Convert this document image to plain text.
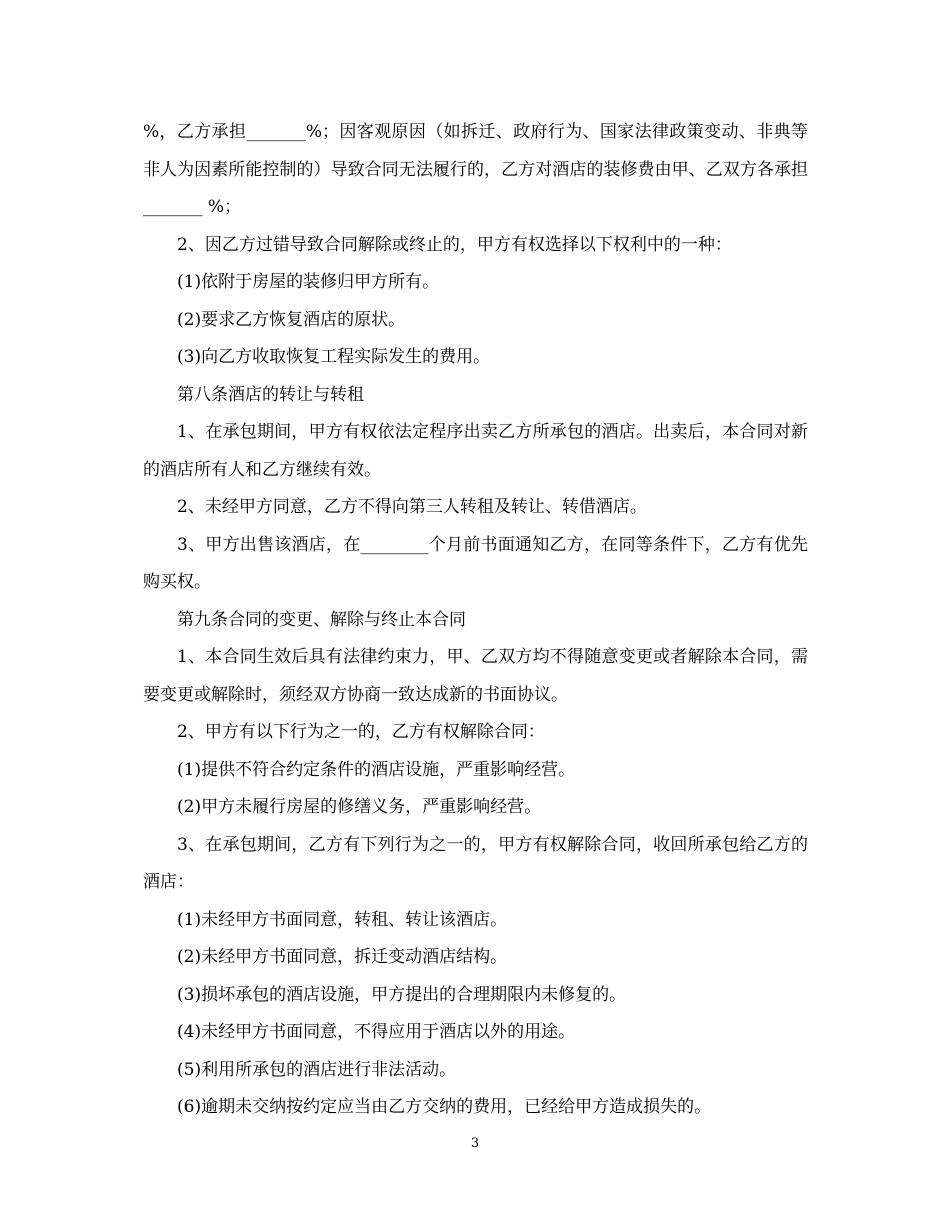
%，乙方承担_______%；因客观原因（如拆迁、政府行为、国家法律政策变动、非典等非人为因素所能控制的）导致合同无法履行的，乙方对酒店的装修费由甲、乙双方各承担_______ %；

2、因乙方过错导致合同解除或终止的，甲方有权选择以下权利中的一种：

(1)依附于房屋的装修归甲方所有。

(2)要求乙方恢复酒店的原状。

(3)向乙方收取恢复工程实际发生的费用。

第八条酒店的转让与转租

1、在承包期间，甲方有权依法定程序出卖乙方所承包的酒店。出卖后，本合同对新的酒店所有人和乙方继续有效。

2、未经甲方同意，乙方不得向第三人转租及转让、转借酒店。

3、甲方出售该酒店，在________个月前书面通知乙方，在同等条件下，乙方有优先购买权。

第九条合同的变更、解除与终止本合同

1、本合同生效后具有法律约束力，甲、乙双方均不得随意变更或者解除本合同，需要变更或解除时，须经双方协商一致达成新的书面协议。

2、甲方有以下行为之一的，乙方有权解除合同：

(1)提供不符合约定条件的酒店设施，严重影响经营。

(2)甲方未履行房屋的修缮义务，严重影响经营。

3、在承包期间，乙方有下列行为之一的，甲方有权解除合同，收回所承包给乙方的酒店：

(1)未经甲方书面同意，转租、转让该酒店。

(2)未经甲方书面同意，拆迁变动酒店结构。

(3)损坏承包的酒店设施，甲方提出的合理期限内未修复的。

(4)未经甲方书面同意，不得应用于酒店以外的用途。

(5)利用所承包的酒店进行非法活动。

(6)逾期未交纳按约定应当由乙方交纳的费用，已经给甲方造成损失的。

3
